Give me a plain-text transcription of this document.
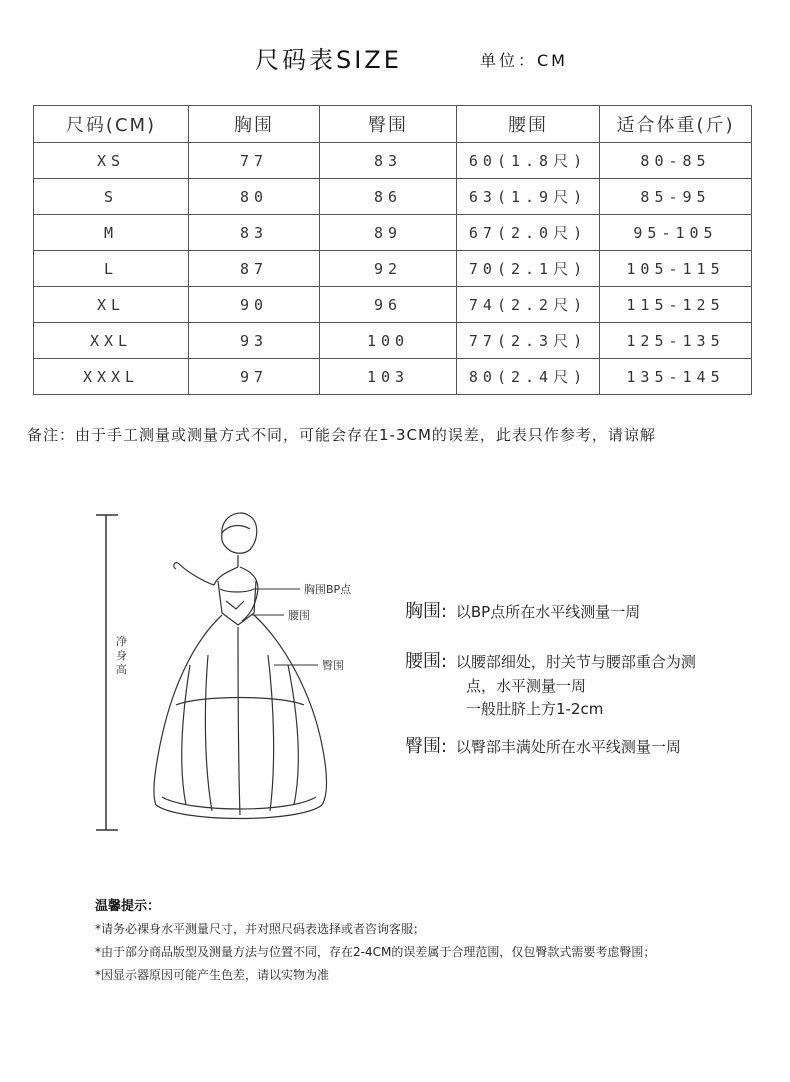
尺码表SIZE	单位：CM
尺码(CM)	胸围	臀围	腰围	适合体重(斤)
XS	77	83	60(1.8尺)	80-85
S	80	86	63(1.9尺)	85-95
M	83	89	67(2.0尺)	95-105
L	87	92	70(2.1尺)	105-115
XL	90	96	74(2.2尺)	115-125
XXL	93	100	77(2.3尺)	125-135
XXXL	97	103	80(2.4尺)	135-145
备注：由于手工测量或测量方式不同，可能会存在1-3CM的误差，此表只作参考，请谅解
净
身
高
胸围BP点
腰围
臀围
胸围: 以BP点所在水平线测量一周
腰围: 以腰部细处，肘关节与腰部重合为测
点，水平测量一周
一般肚脐上方1-2cm
臀围: 以臀部丰满处所在水平线测量一周
温馨提示：
*请务必裸身水平测量尺寸，并对照尺码表选择或者咨询客服；
*由于部分商品版型及测量方法与位置不同，存在2-4CM的误差属于合理范围，仅包臀款式需要考虑臀围；
*因显示器原因可能产生色差，请以实物为准
